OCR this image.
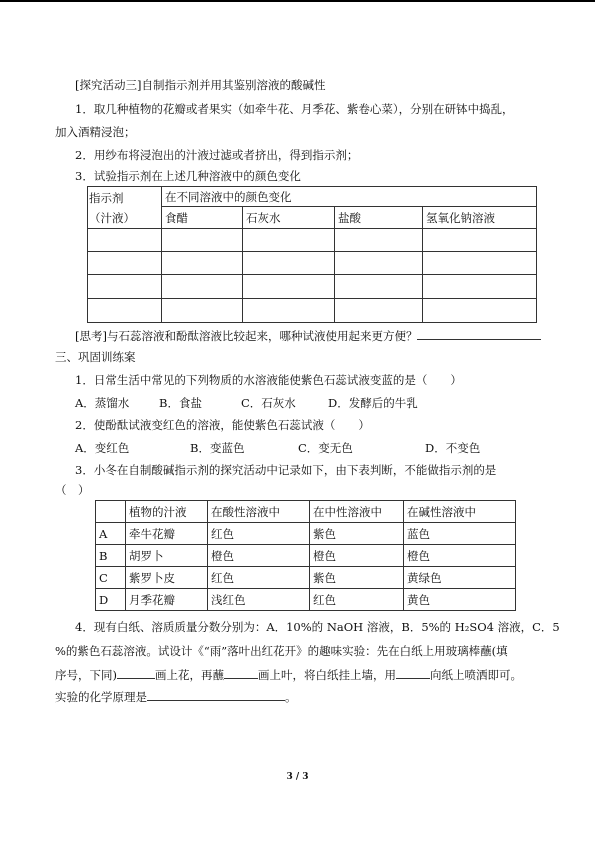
[探究活动三]自制指示剂并用其鉴别溶液的酸碱性
1．取几种植物的花瓣或者果实（如牵牛花、月季花、紫卷心菜），分别在研钵中捣乱，
加入酒精浸泡；
2．用纱布将浸泡出的汁液过滤或者挤出，得到指示剂；
3．试验指示剂在上述几种溶液中的颜色变化
指示剂
（汁液）	在不同溶液中的颜色变化			
	食醋	石灰水	盐酸	氢氧化钠溶液

[思考]与石蕊溶液和酚酞溶液比较起来，哪种试液使用起来更方便？
三、巩固训练案
1．日常生活中常见的下列物质的水溶液能使紫色石蕊试液变蓝的是（　　）
A．蒸馏水	B．食盐	C．石灰水	D．发酵后的牛乳
2．使酚酞试液变红色的溶液，能使紫色石蕊试液（　　）
A．变红色	B．变蓝色	C．变无色	D．不变色
3．小冬在自制酸碱指示剂的探究活动中记录如下，由下表判断，不能做指示剂的是
（　）
	植物的汁液	在酸性溶液中	在中性溶液中	在碱性溶液中
A	牵牛花瓣	红色	紫色	蓝色
B	胡罗卜	橙色	橙色	橙色
C	紫罗卜皮	红色	紫色	黄绿色
D	月季花瓣	浅红色	红色	黄色
4．现有白纸、溶质质量分数分别为：A．10%的 NaOH 溶液，B．5%的 H₂SO4 溶液，C．5
%的紫色石蕊溶液。试设计《“雨”落叶出红花开》的趣味实验：先在白纸上用玻璃棒蘸(填
序号，下同)	画上花，再蘸	画上叶，将白纸挂上墙，用	向纸上喷洒即可。
实验的化学原理是	。
3 / 3
